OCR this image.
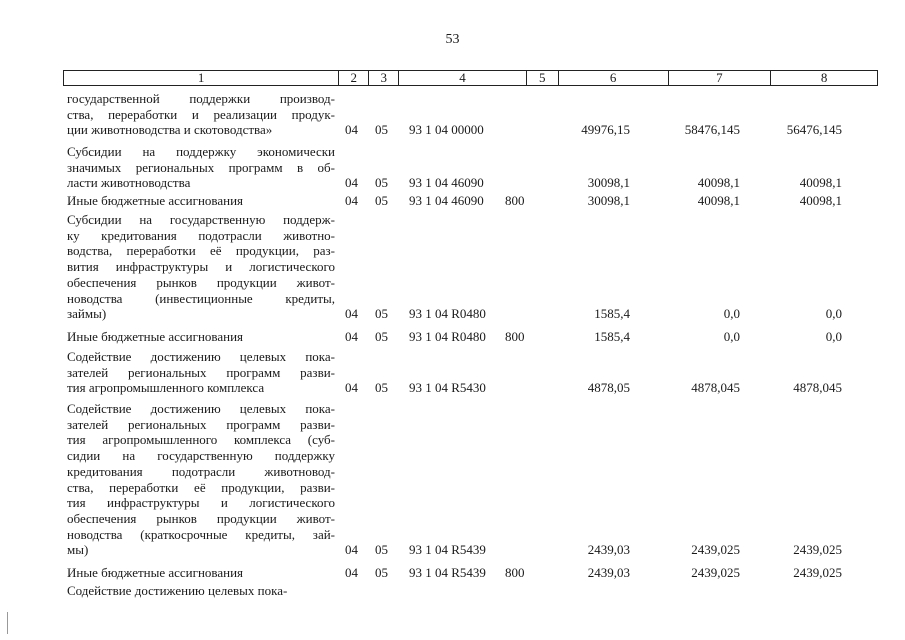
53
1	2	3	4	5	6	7	8
государственной поддержки производ-
ства, переработки и реализации продук-
ции животноводства и скотоводства»	04 05 93 1 04 00000	49976,15	58476,145	56476,145
Субсидии на поддержку экономически
значимых региональных программ в об-
ласти животноводства	04 05 93 1 04 46090	30098,1	40098,1	40098,1
Иные бюджетные ассигнования	04 05 93 1 04 46090 800	30098,1	40098,1	40098,1
Субсидии на государственную поддерж-
ку кредитования подотрасли животно-
водства, переработки её продукции, раз-
вития инфраструктуры и логистического
обеспечения рынков продукции живот-
новодства (инвестиционные кредиты,
займы)	04 05 93 1 04 R0480	1585,4	0,0	0,0
Иные бюджетные ассигнования	04 05 93 1 04 R0480 800	1585,4	0,0	0,0
Содействие достижению целевых пока-
зателей региональных программ разви-
тия агропромышленного комплекса	04 05 93 1 04 R5430	4878,05	4878,045	4878,045
Содействие достижению целевых пока-
зателей региональных программ разви-
тия агропромышленного комплекса (суб-
сидии на государственную поддержку
кредитования подотрасли животновод-
ства, переработки её продукции, разви-
тия инфраструктуры и логистического
обеспечения рынков продукции живот-
новодства (краткосрочные кредиты, зай-
мы)	04 05 93 1 04 R5439	2439,03	2439,025	2439,025
Иные бюджетные ассигнования	04 05 93 1 04 R5439 800	2439,03	2439,025	2439,025
Содействие достижению целевых пока-
